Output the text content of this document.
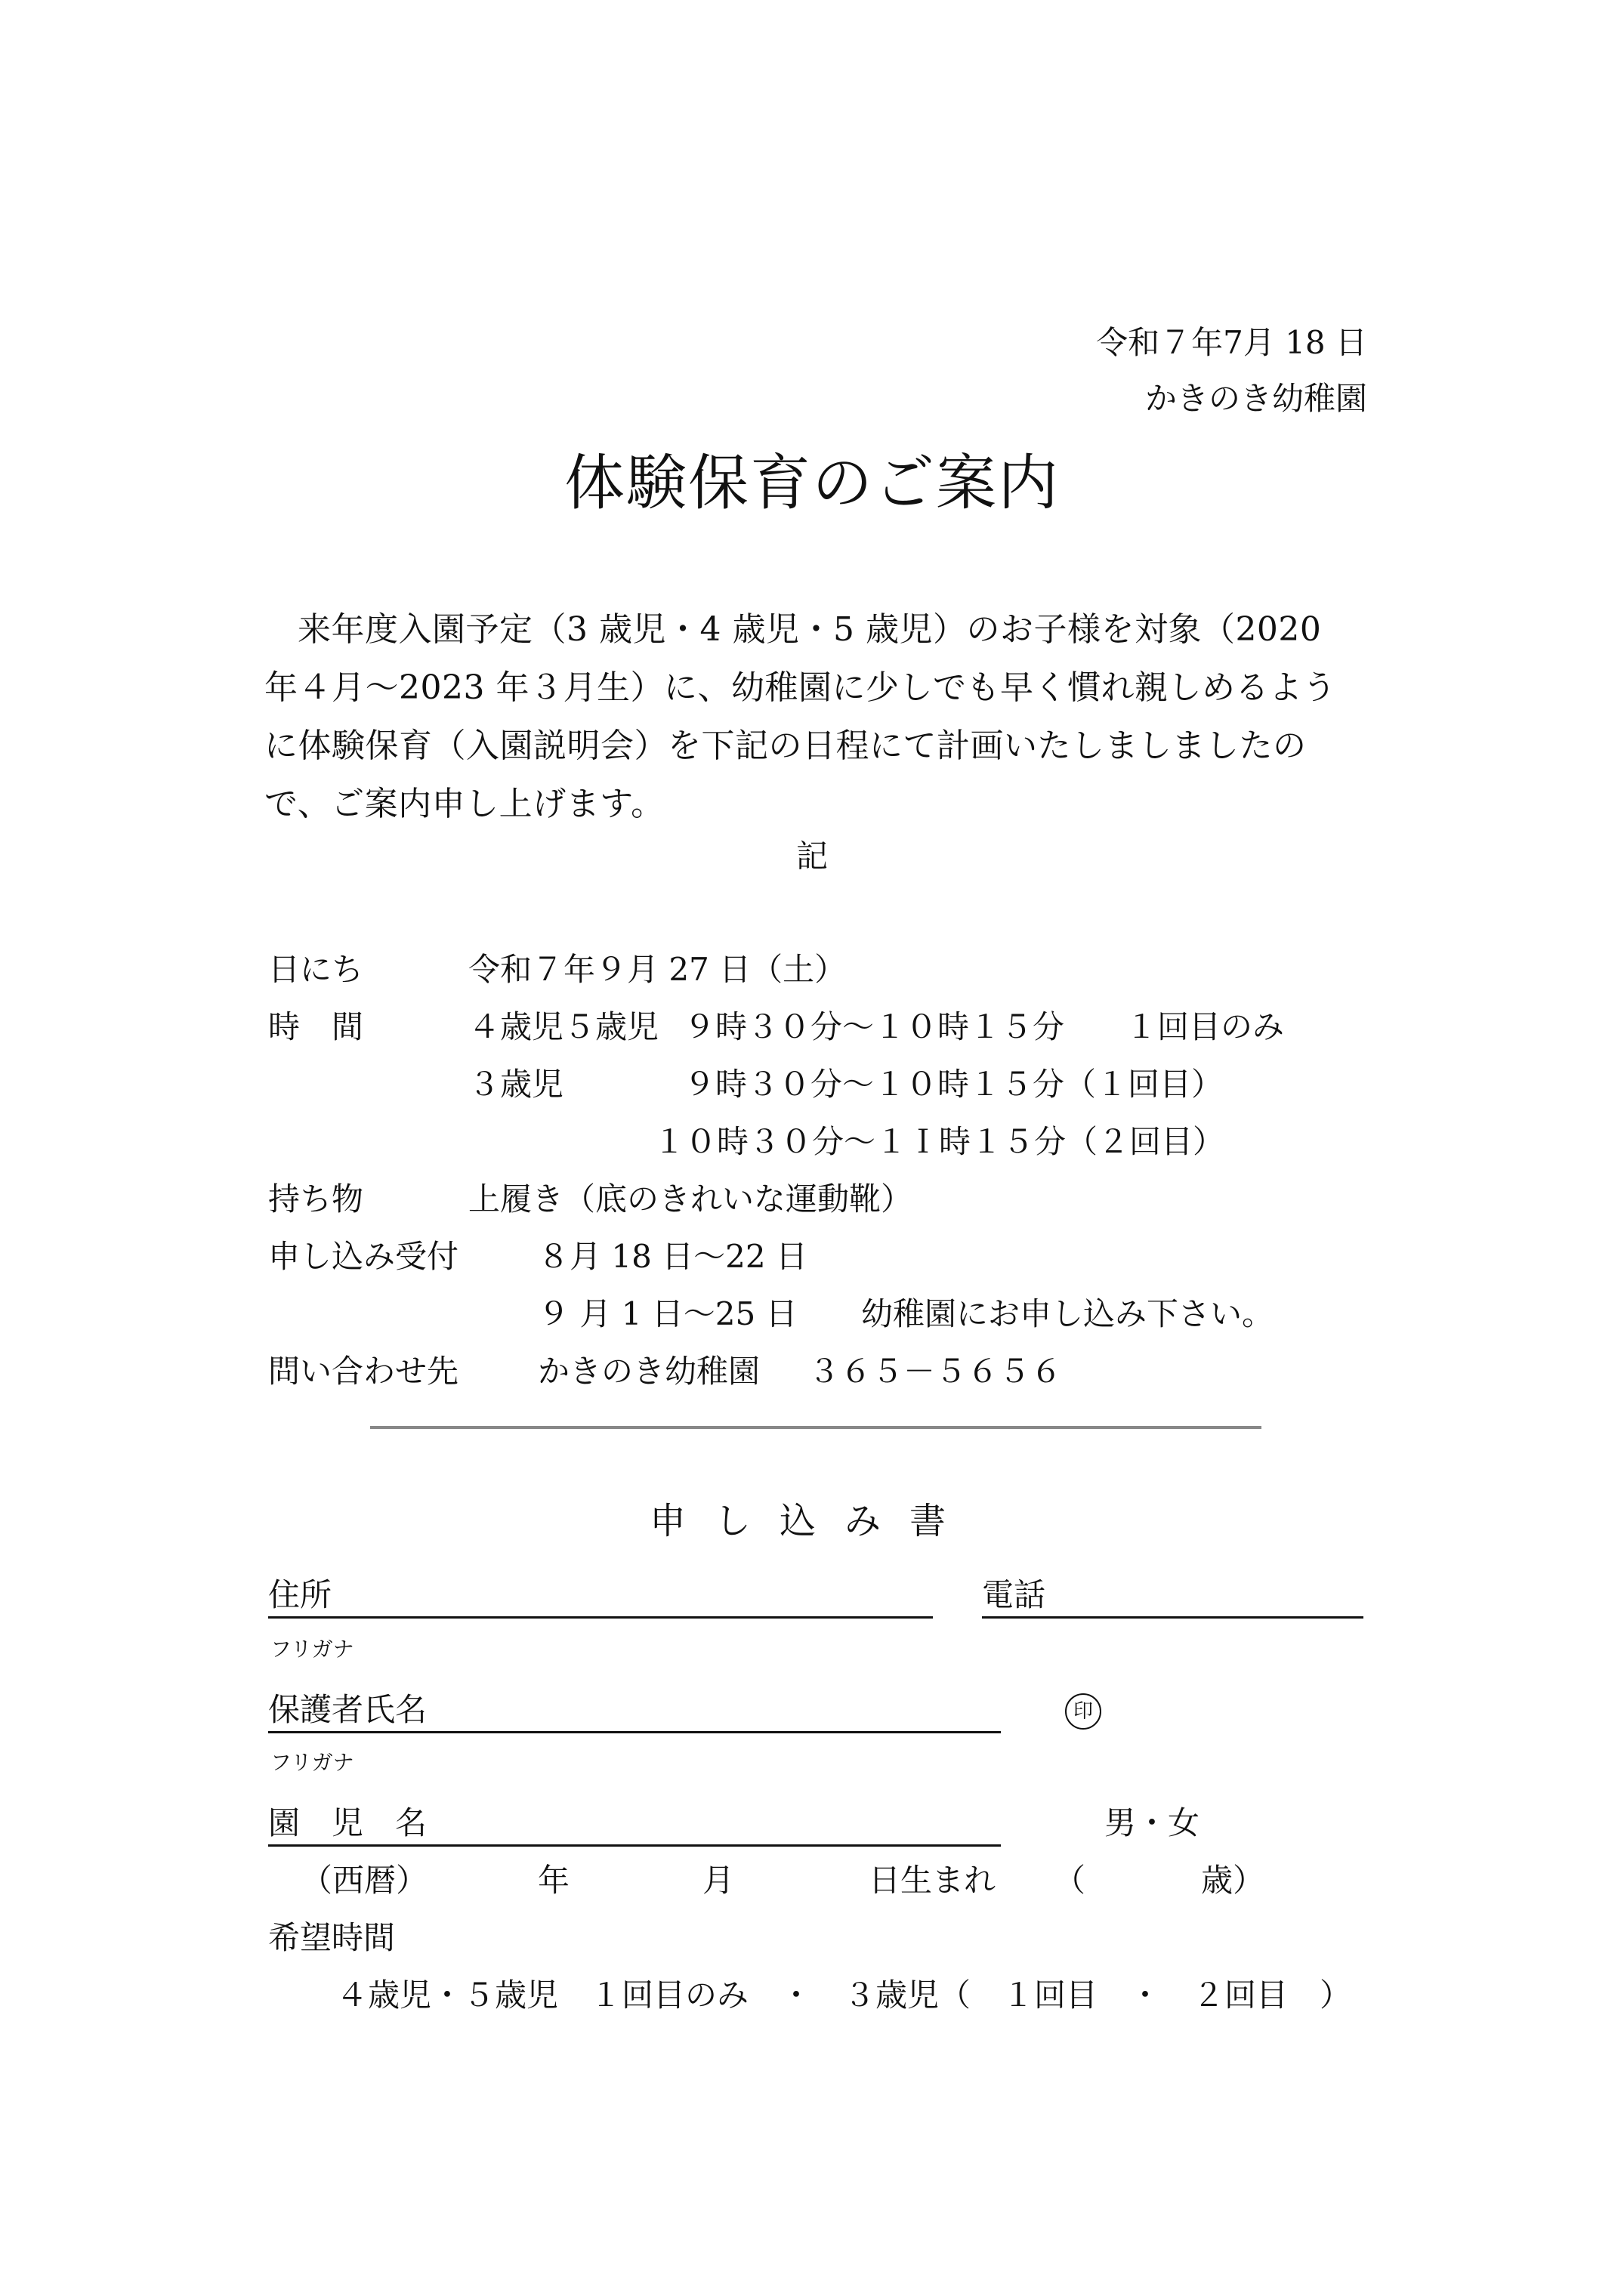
令和７年7月 18 日
かきのき幼稚園
体験保育のご案内
来年度入園予定（3 歳児・4 歳児・5 歳児）のお子様を対象（2020 年４月～2023 年３月生）に、幼稚園に少しでも早く慣れ親しめるように体験保育（入園説明会）を下記の日程にて計画いたしましましたので、ご案内申し上げます。
記
日にち	令和７年９月 27 日（土）
時　間	４歳児５歳児 ９時３０分～１０時１５分 １回目のみ
３歳児	９時３０分～１０時１５分（１回目）
１０時３０分～１Ｉ時１５分（２回目）
持ち物	上履き（底のきれいな運動靴）
申し込み受付 ８月 18 日～22 日
９ 月 1 日～25 日 幼稚園にお申し込み下さい。
問い合わせ先 かきのき幼稚園 ３６５－５６５６
申し込み書
住所	電話
フリガナ
保護者氏名	印
フリガナ
園　児　名	男・女
（西暦）	年	月	日生まれ （	歳）
希望時間
４歳児・５歳児　１回目のみ　・　３歳児（　１回目　・　２回目　）
